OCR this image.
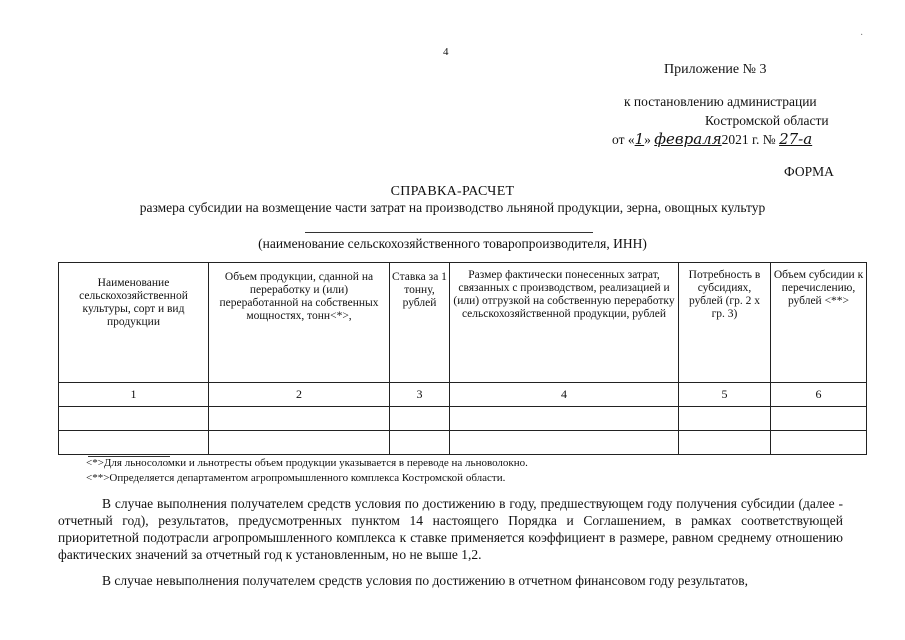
4
·
Приложение № 3
к постановлению администрации
Костромской области
от «1» февраля2021 г. № 27-а
ФОРМА
СПРАВКА-РАСЧЕТ
размера субсидии на возмещение части затрат на производство льняной продукции, зерна, овощных культур
(наименование сельскохозяйственного товаропроизводителя, ИНН)
Наименование сельскохозяйственной культуры, сорт и вид продукции	Объем продукции, сданной на переработку и (или) переработанной на собственных мощностях, тонн<*>,	Ставка за 1 тонну, рублей	Размер фактически понесенных затрат, связанных с производством, реализацией и (или) отгрузкой на собственную переработку сельскохозяйственной продукции, рублей	Потребность в субсидиях, рублей (гр. 2 x гр. 3)	Объем субсидии к перечислению, рублей <**>
1	2	3	4	5	6

<*>Для льносоломки и льнотресты объем продукции указывается в переводе на льноволокно.
<**>Определяется департаментом агропромышленного комплекса Костромской области.
В случае выполнения получателем средств условия по достижению в году, предшествующем году получения субсидии (далее - отчетный год), результатов, предусмотренных пунктом 14 настоящего Порядка и Соглашением, в рамках соответствующей приоритетной подотрасли агропромышленного комплекса к ставке применяется коэффициент в размере, равном среднему отношению фактических значений за отчетный год к установленным, но не выше 1,2.
В случае невыполнения получателем средств условия по достижению в отчетном финансовом году результатов,
